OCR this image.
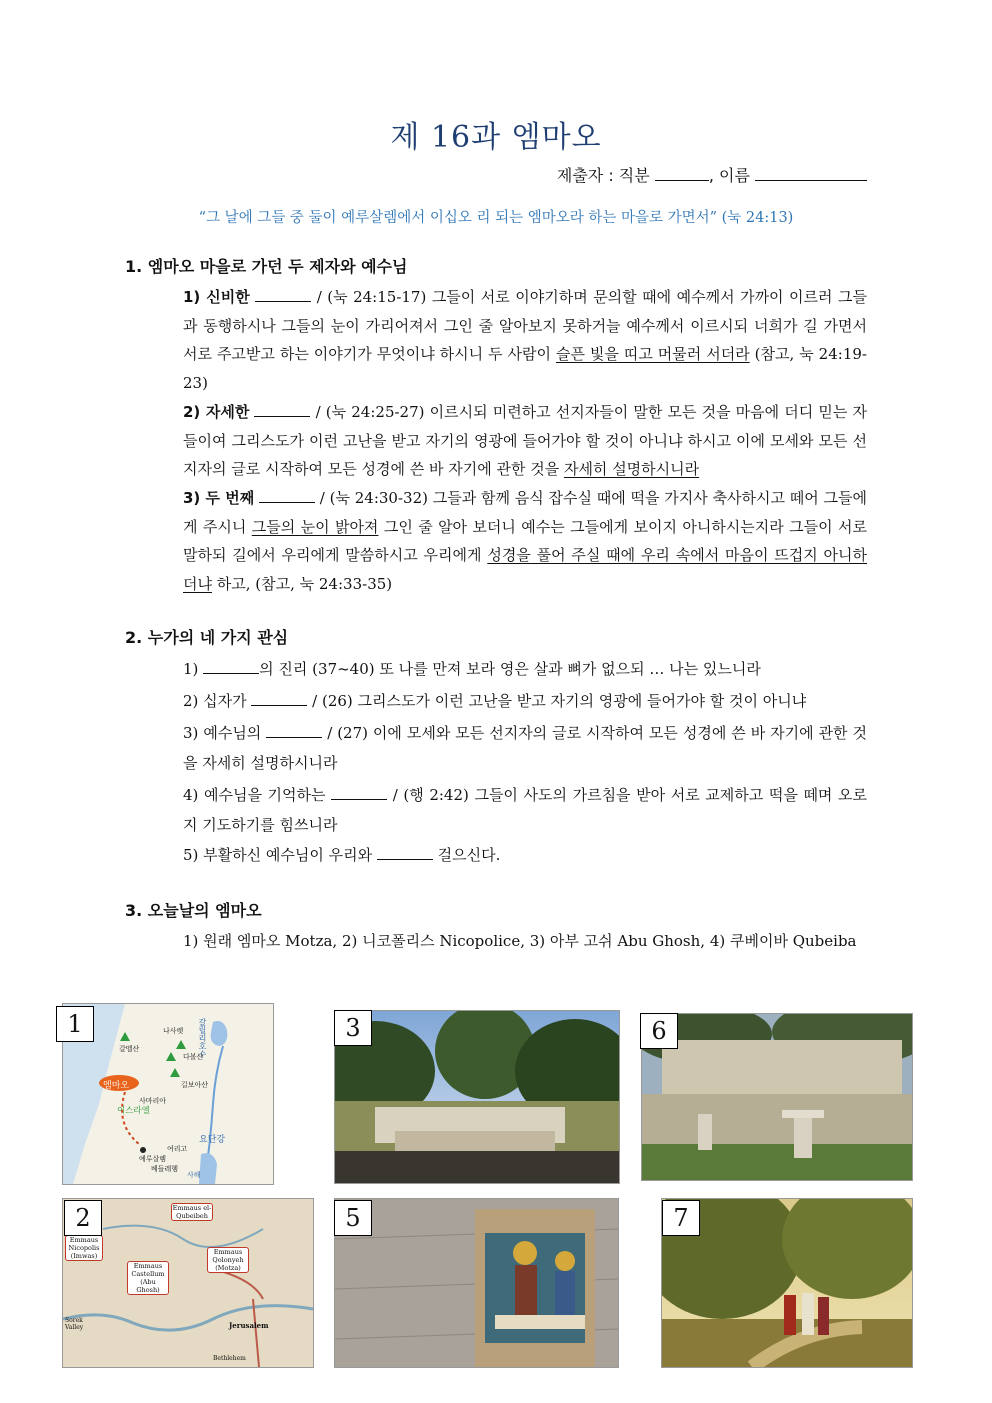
제 16과 엠마오
제출자 : 직분	, 이름
“그 날에 그들 중 둘이 예루살렘에서 이십오 리 되는 엠마오라 하는 마을로 가면서” (눅 24:13)
1. 엠마오 마을로 가던 두 제자와 예수님
1) 신비한	/ (눅 24:15-17) 그들이 서로 이야기하며 문의할 때에 예수께서 가까이 이르러 그들과 동행하시나 그들의 눈이 가리어져서 그인 줄 알아보지 못하거늘 예수께서 이르시되 너희가 길 가면서 서로 주고받고 하는 이야기가 무엇이냐 하시니 두 사람이 슬픈 빛을 띠고 머물러 서더라 (참고, 눅 24:19-23)
2) 자세한	/ (눅 24:25-27) 이르시되 미련하고 선지자들이 말한 모든 것을 마음에 더디 믿는 자들이여 그리스도가 이런 고난을 받고 자기의 영광에 들어가야 할 것이 아니냐 하시고 이에 모세와 모든 선지자의 글로 시작하여 모든 성경에 쓴 바 자기에 관한 것을 자세히 설명하시니라
3) 두 번째	/ (눅 24:30-32) 그들과 함께 음식 잡수실 때에 떡을 가지사 축사하시고 떼어 그들에게 주시니 그들의 눈이 밝아져 그인 줄 알아 보더니 예수는 그들에게 보이지 아니하시는지라 그들이 서로 말하되 길에서 우리에게 말씀하시고 우리에게 성경을 풀어 주실 때에 우리 속에서 마음이 뜨겁지 아니하더냐 하고, (참고, 눅 24:33-35)
2. 누가의 네 가지 관심
1)	의 진리 (37~40) 또 나를 만져 보라 영은 살과 뼈가 없으되 … 나는 있느니라
2) 십자가	/ (26) 그리스도가 이런 고난을 받고 자기의 영광에 들어가야 할 것이 아니냐
3) 예수님의	/ (27) 이에 모세와 모든 선지자의 글로 시작하여 모든 성경에 쓴 바 자기에 관한 것을 자세히 설명하시니라
4) 예수님을 기억하는	/ (행 2:42) 그들이 사도의 가르침을 받아 서로 교제하고 떡을 떼며 오로지 기도하기를 힘쓰니라
5) 부활하신 예수님이 우리와	걸으신다.
3. 오늘날의 엠마오
1) 원래 엠마오 Motza, 2) 니코폴리스 Nicopolice, 3) 아부 고쉬 Abu Ghosh, 4) 쿠베이바 Qubeiba
갈릴리호수
엠마오
이스라엘
요단강
예루살렘
베들레헴
나사렛
갈멜산
다볼산
사마리아
사해
여리고
길보아산
1	3	6
Emmaus el-Qubeibeh
Emmaus Nicopolis (Imwas)
Emmaus Castellum (Abu Ghosh)
Emmaus Qolonyeh (Motza)
Jerusalem
Bethlehem
Sorek Valley
2	5	7
